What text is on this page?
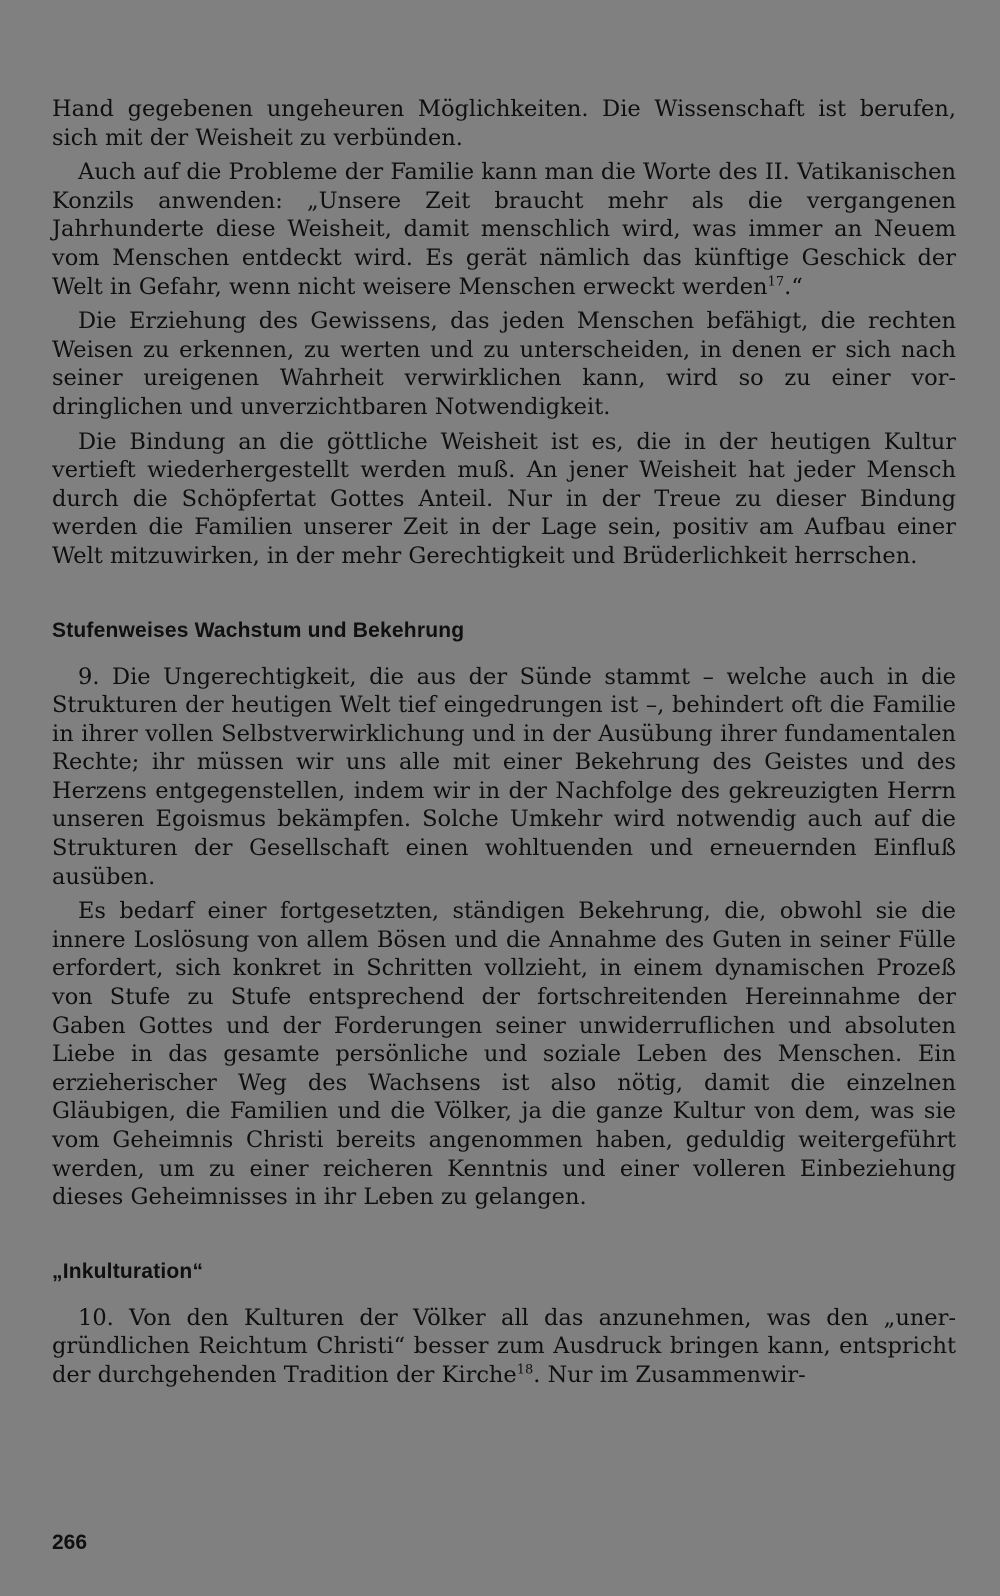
Hand gegebenen ungeheuren Möglichkeiten. Die Wissenschaft ist berufen, sich mit der Weisheit zu verbünden.

Auch auf die Probleme der Familie kann man die Worte des II. Vatikanischen Konzils anwenden: „Unsere Zeit braucht mehr als die vergangenen Jahrhunderte diese Weisheit, damit menschlich wird, was immer an Neuem vom Menschen entdeckt wird. Es gerät nämlich das künftige Geschick der Welt in Gefahr, wenn nicht weisere Menschen erweckt werden$^{17}$.“

Die Erziehung des Gewissens, das jeden Menschen befähigt, die rechten Weisen zu erkennen, zu werten und zu unterscheiden, in denen er sich nach seiner ureigenen Wahrheit verwirklichen kann, wird so zu einer vordringlichen und unverzichtbaren Notwendigkeit.

Die Bindung an die göttliche Weisheit ist es, die in der heutigen Kultur vertieft wiederhergestellt werden muß. An jener Weisheit hat jeder Mensch durch die Schöpfertat Gottes Anteil. Nur in der Treue zu dieser Bindung werden die Familien unserer Zeit in der Lage sein, positiv am Aufbau einer Welt mitzuwirken, in der mehr Gerechtigkeit und Brüderlichkeit herrschen.

Stufenweises Wachstum und Bekehrung

9. Die Ungerechtigkeit, die aus der Sünde stammt – welche auch in die Strukturen der heutigen Welt tief eingedrungen ist –, behindert oft die Familie in ihrer vollen Selbstverwirklichung und in der Ausübung ihrer fundamentalen Rechte; ihr müssen wir uns alle mit einer Bekehrung des Geistes und des Herzens entgegenstellen, indem wir in der Nachfolge des gekreuzigten Herrn unseren Egoismus bekämpfen. Solche Umkehr wird notwendig auch auf die Strukturen der Gesellschaft einen wohltuenden und erneuernden Einfluß ausüben.

Es bedarf einer fortgesetzten, ständigen Bekehrung, die, obwohl sie die innere Loslösung von allem Bösen und die Annahme des Guten in seiner Fülle erfordert, sich konkret in Schritten vollzieht, in einem dynamischen Prozeß von Stufe zu Stufe entsprechend der fortschreitenden Hereinnahme der Gaben Gottes und der Forderungen seiner unwiderruflichen und absoluten Liebe in das gesamte persönliche und soziale Leben des Menschen. Ein erzieherischer Weg des Wachsens ist also nötig, damit die einzelnen Gläubigen, die Familien und die Völker, ja die ganze Kultur von dem, was sie vom Geheimnis Christi bereits angenommen haben, geduldig weitergeführt werden, um zu einer reicheren Kenntnis und einer volleren Einbeziehung dieses Geheimnisses in ihr Leben zu gelangen.

„Inkulturation“

10. Von den Kulturen der Völker all das anzunehmen, was den „unergründlichen Reichtum Christi“ besser zum Ausdruck bringen kann, entspricht der durchgehenden Tradition der Kirche$^{18}$. Nur im Zusammenwir-

266
